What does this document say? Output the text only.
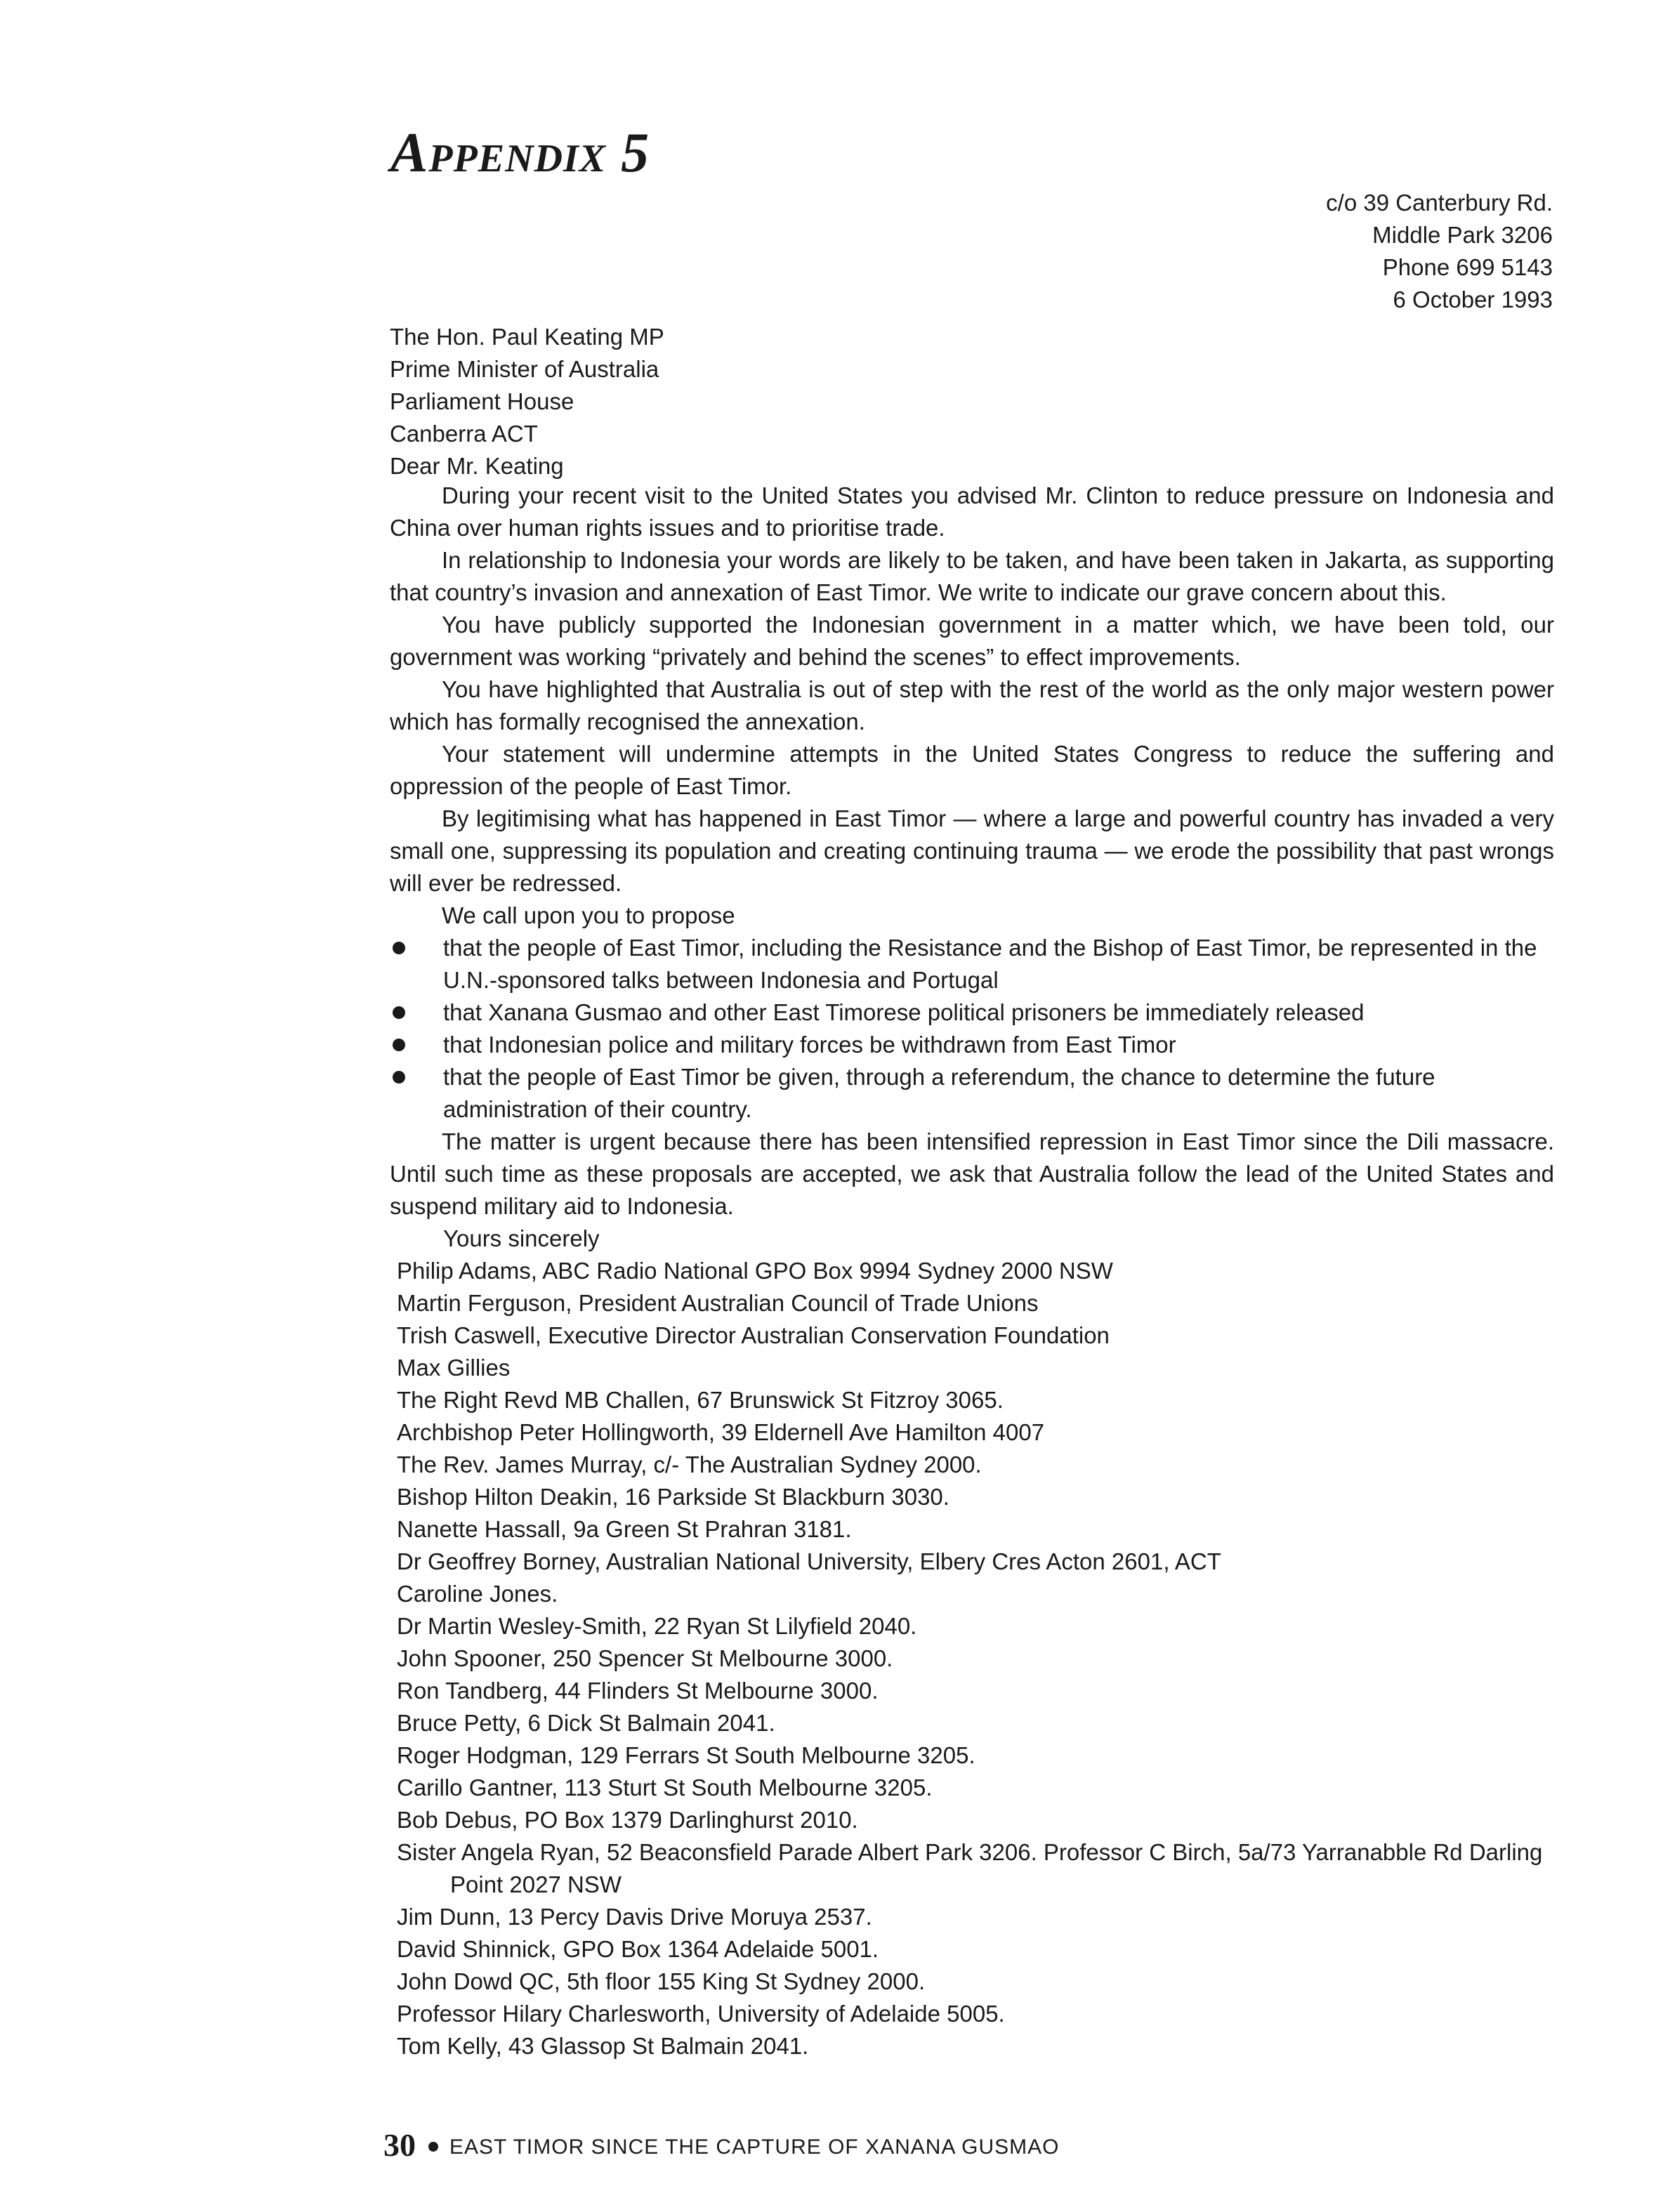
Appendix 5
c/o 39 Canterbury Rd.
Middle Park 3206
Phone 699 5143
6 October 1993
The Hon. Paul Keating MP
Prime Minister of Australia
Parliament House
Canberra ACT
Dear Mr. Keating

During your recent visit to the United States you advised Mr. Clinton to reduce pressure on Indonesia and China over human rights issues and to prioritise trade.

In relationship to Indonesia your words are likely to be taken, and have been taken in Jakarta, as supporting that country’s invasion and annexation of East Timor. We write to indicate our grave concern about this.

You have publicly supported the Indonesian government in a matter which, we have been told, our government was working “privately and behind the scenes” to effect improvements.

You have highlighted that Australia is out of step with the rest of the world as the only major western power which has formally recognised the annexation.

Your statement will undermine attempts in the United States Congress to reduce the suffering and oppression of the people of East Timor.

By legitimising what has happened in East Timor — where a large and powerful country has invaded a very small one, suppressing its population and creating continuing trauma — we erode the possibility that past wrongs will ever be redressed.

We call upon you to propose

that the people of East Timor, including the Resistance and the Bishop of East Timor, be represented in the U.N.-sponsored talks between Indonesia and Portugal
that Xanana Gusmao and other East Timorese political prisoners be immediately released
that Indonesian police and military forces be withdrawn from East Timor
that the people of East Timor be given, through a referendum, the chance to determine the future administration of their country.

The matter is urgent because there has been intensified repression in East Timor since the Dili massacre. Until such time as these proposals are accepted, we ask that Australia follow the lead of the United States and suspend military aid to Indonesia.

Yours sincerely
Philip Adams, ABC Radio National GPO Box 9994 Sydney 2000 NSW
Martin Ferguson, President Australian Council of Trade Unions
Trish Caswell, Executive Director Australian Conservation Foundation
Max Gillies
The Right Revd MB Challen, 67 Brunswick St Fitzroy 3065.
Archbishop Peter Hollingworth, 39 Eldernell Ave Hamilton 4007
The Rev. James Murray, c/- The Australian Sydney 2000.
Bishop Hilton Deakin, 16 Parkside St Blackburn 3030.
Nanette Hassall, 9a Green St Prahran 3181.
Dr Geoffrey Borney, Australian National University, Elbery Cres Acton 2601, ACT
Caroline Jones.
Dr Martin Wesley-Smith, 22 Ryan St Lilyfield 2040.
John Spooner, 250 Spencer St Melbourne 3000.
Ron Tandberg, 44 Flinders St Melbourne 3000.
Bruce Petty, 6 Dick St Balmain 2041.
Roger Hodgman, 129 Ferrars St South Melbourne 3205.
Carillo Gantner, 113 Sturt St South Melbourne 3205.
Bob Debus, PO Box 1379 Darlinghurst 2010.
Sister Angela Ryan, 52 Beaconsfield Parade Albert Park 3206. Professor C Birch, 5a/73 Yarranabble Rd Darling Point 2027 NSW
Jim Dunn, 13 Percy Davis Drive Moruya 2537.
David Shinnick, GPO Box 1364 Adelaide 5001.
John Dowd QC, 5th floor 155 King St Sydney 2000.
Professor Hilary Charlesworth, University of Adelaide 5005.
Tom Kelly, 43 Glassop St Balmain 2041.
30 EAST TIMOR SINCE THE CAPTURE OF XANANA GUSMAO
